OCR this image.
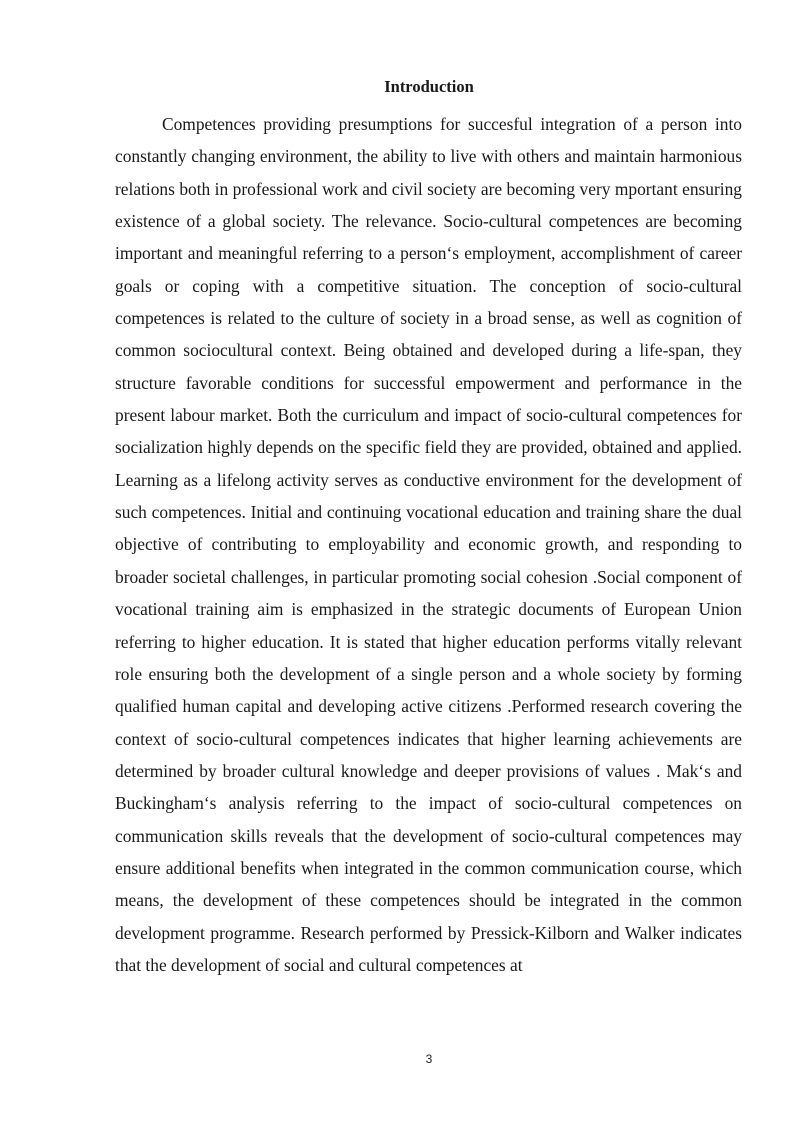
Introduction

Competences providing presumptions for succesful integration of a person into constantly changing environment, the ability to live with others and maintain harmonious relations both in professional work and civil society are becoming very mportant ensuring existence of a global society. The relevance. Socio-cultural competences are becoming important and meaningful referring to a person‘s employment, accomplishment of career goals or coping with a competitive situation. The conception of socio-cultural competences is related to the culture of society in a broad sense, as well as cognition of common sociocultural context. Being obtained and developed during a life-span, they structure favorable conditions for successful empowerment and performance in the present labour market. Both the curriculum and impact of socio-cultural competences for socialization highly depends on the specific field they are provided, obtained and applied. Learning as a lifelong activity serves as conductive environment for the development of such competences. Initial and continuing vocational education and training share the dual objective of contributing to employability and economic growth, and responding to broader societal challenges, in particular promoting social cohesion .Social component of vocational training aim is emphasized in the strategic documents of European Union referring to higher education. It is stated that higher education performs vitally relevant role ensuring both the development of a single person and a whole society by forming qualified human capital and developing active citizens .Performed research covering the context of socio-cultural competences indicates that higher learning achievements are determined by broader cultural knowledge and deeper provisions of values . Mak‘s and Buckingham‘s analysis referring to the impact of socio-cultural competences on communication skills reveals that the development of socio-cultural competences may ensure additional benefits when integrated in the common communication course, which means, the development of these competences should be integrated in the common development programme. Research performed by Pressick-Kilborn and Walker indicates that the development of social and cultural competences at

3
